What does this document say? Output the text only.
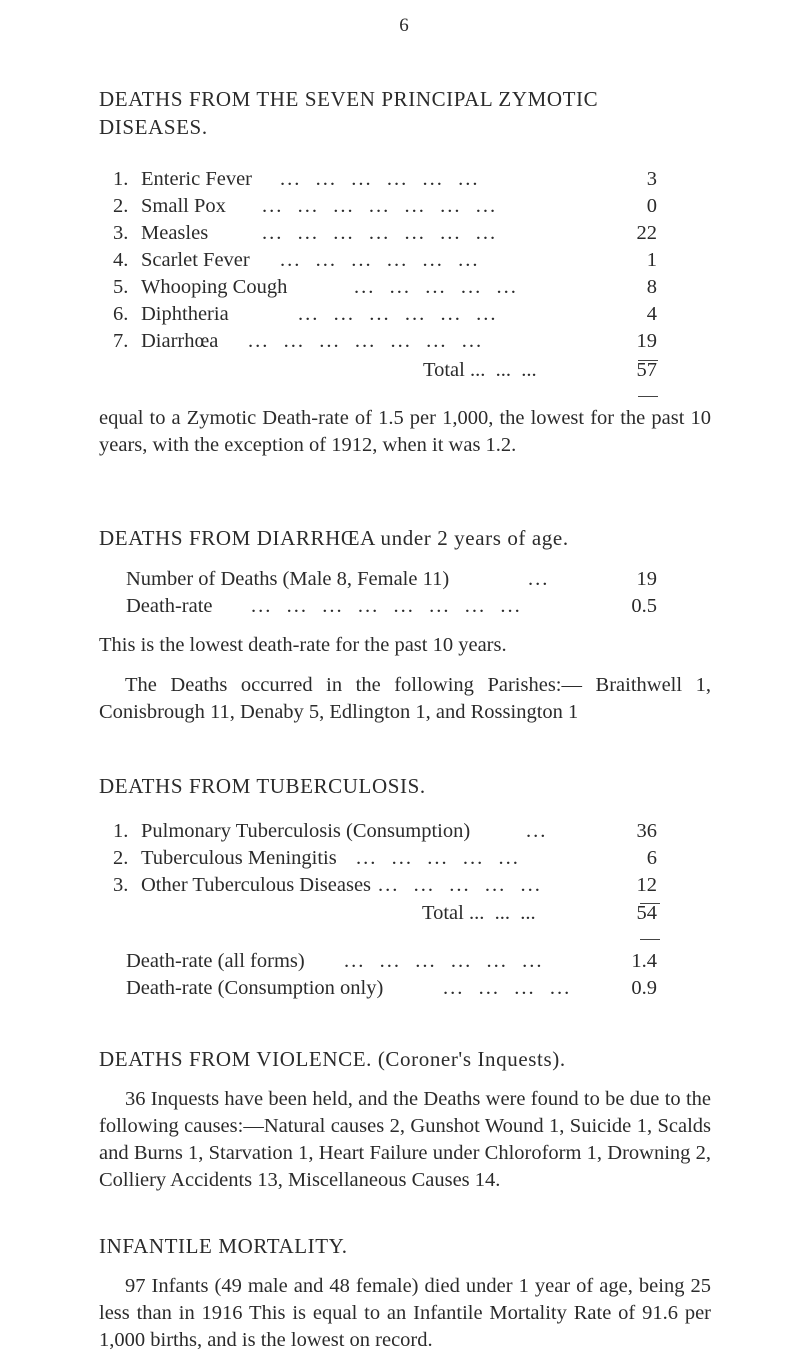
6
DEATHS FROM THE SEVEN PRINCIPAL ZYMOTIC
DISEASES.
1. Enteric Fever ...  ...  ...  ...  ...  ...	3
2. Small Pox ...  ...  ...  ...  ...  ...  ...	0
3. Measles	...  ...  ...  ...  ...  ...  ...	22
4. Scarlet Fever ...  ...  ...  ...  ...  ...	1
5. Whooping Cough	...  ...  ...  ...  ...	8
6. Diphtheria	...  ...  ...  ...  ...  ...	4
7. Diarrhœa ...  ...  ...  ...  ...  ...  ...	19
Total ...  ...  ...	57

equal to a Zymotic Death-rate of 1.5 per 1,000, the lowest for the past 10 years, with the exception of 1912, when it was 1.2.

DEATHS FROM DIARRHŒA under 2 years of age.
Number of Deaths (Male 8, Female 11)	...	19
Death-rate ...  ...  ...  ...  ...  ...  ...  ...	0.5

This is the lowest death-rate for the past 10 years.

The Deaths occurred in the following Parishes:— Braithwell 1, Conisbrough 11, Denaby 5, Edlington 1, and Rossington 1

DEATHS FROM TUBERCULOSIS.
1. Pulmonary Tuberculosis (Consumption)	...	36
2. Tuberculous Meningitis ...  ...  ...  ...  ...	6
3. Other Tuberculous Diseases ...  ...  ...  ...  ...	12
Total ...  ...  ...	54
Death-rate (all forms) ...  ...  ...  ...  ...  ...	1.4
Death-rate (Consumption only)	...  ...  ...  ...	0.9
DEATHS FROM VIOLENCE. (Coroner's Inquests).

36 Inquests have been held, and the Deaths were found to be due to the following causes:—Natural causes 2, Gunshot Wound 1, Suicide 1, Scalds and Burns 1, Starvation 1, Heart Failure under Chloroform 1, Drowning 2, Colliery Accidents 13, Miscellaneous Causes 14.

INFANTILE MORTALITY.

97 Infants (49 male and 48 female) died under 1 year of age, being 25 less than in 1916 This is equal to an Infantile Mortality Rate of 91.6 per 1,000 births, and is the lowest on record.
